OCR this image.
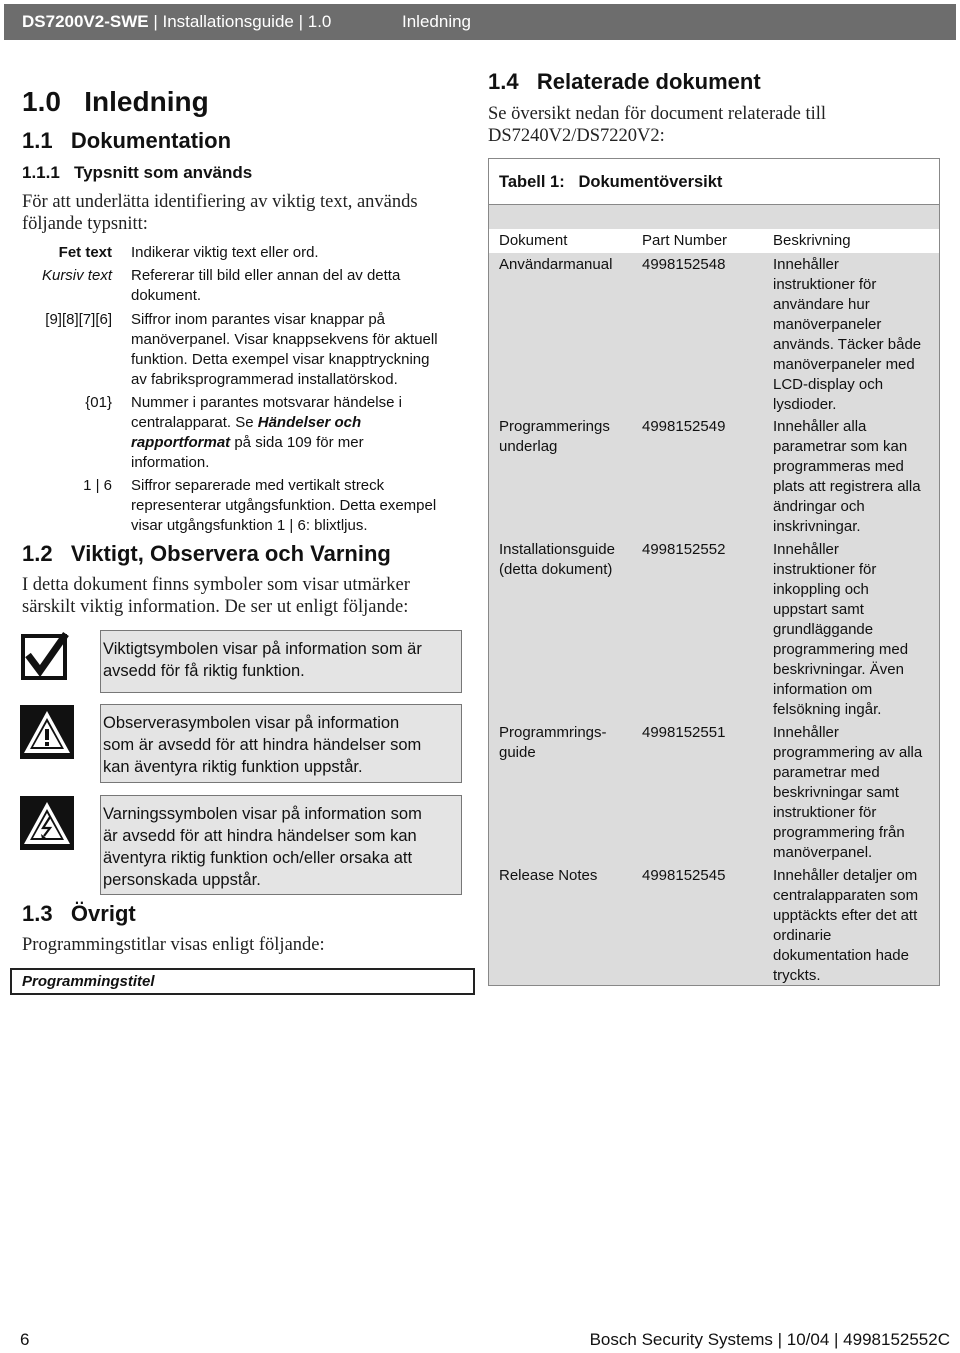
DS7200V2-SWE | Installationsguide | 1.0	Inledning
1.0   Inledning
1.1   Dokumentation
1.1.1   Typsnitt som används
För att underlätta identifiering av viktig text, används
följande typsnitt:
Fet text Indikerar viktig text eller ord.
Kursiv text Refererar till bild eller annan del av detta
dokument.
[9][8][7][6] Siffror inom parantes visar knappar på
manöverpanel. Visar knappsekvens för aktuell
funktion. Detta exempel visar knapptryckning
av fabriksprogrammerad installatörskod.
{01} Nummer i parantes motsvarar händelse i
centralapparat. Se Händelser och
rapportformat på sida 109 för mer
information.
1 | 6 Siffror separerade med vertikalt streck
representerar utgångsfunktion. Detta exempel
visar utgångsfunktion 1 | 6: blixtljus.
1.2   Viktigt, Observera och Varning
I detta dokument finns symboler som visar utmärker
särskilt viktig information. De ser ut enligt följande:
Viktigtsymbolen visar på information som är
avsedd för få riktig funktion.
Observerasymbolen visar på information
som är avsedd för att hindra händelser som
kan äventyra riktig funktion uppstår.
Varningssymbolen visar på information som
är avsedd för att hindra händelser som kan
äventyra riktig funktion och/eller orsaka att
personskada uppstår.
1.3   Övrigt
Programmingstitlar visas enligt följande:
Programmingstitel
1.4   Relaterade dokument
Se översikt nedan för document relaterade till
DS7240V2/DS7220V2:
Tabell 1:   Dokumentöversikt
Dokument	Part Number	Beskrivning
Användarmanual 4998152548	Innehåller
instruktioner för
användare hur
manöverpaneler
används. Täcker både
manöverpaneler med
LCD-display och
lysdioder.
Programmerings
underlag
4998152549	Innehåller alla
parametrar som kan
programmeras med
plats att registrera alla
ändringar och
inskrivningar.
Installationsguide
(detta dokument)
4998152552	Innehåller
instruktioner för
inkoppling och
uppstart samt
grundläggande
programmering med
beskrivningar. Även
information om
felsökning ingår.
Programmrings-
guide
4998152551	Innehåller
programmering av alla
parametrar med
beskrivningar samt
instruktioner för
programmering från
manöverpanel.
Release Notes	4998152545	Innehåller detaljer om
centralapparaten som
upptäckts efter det att
ordinarie
dokumentation hade
tryckts.
6	Bosch Security Systems | 10/04 | 4998152552C
